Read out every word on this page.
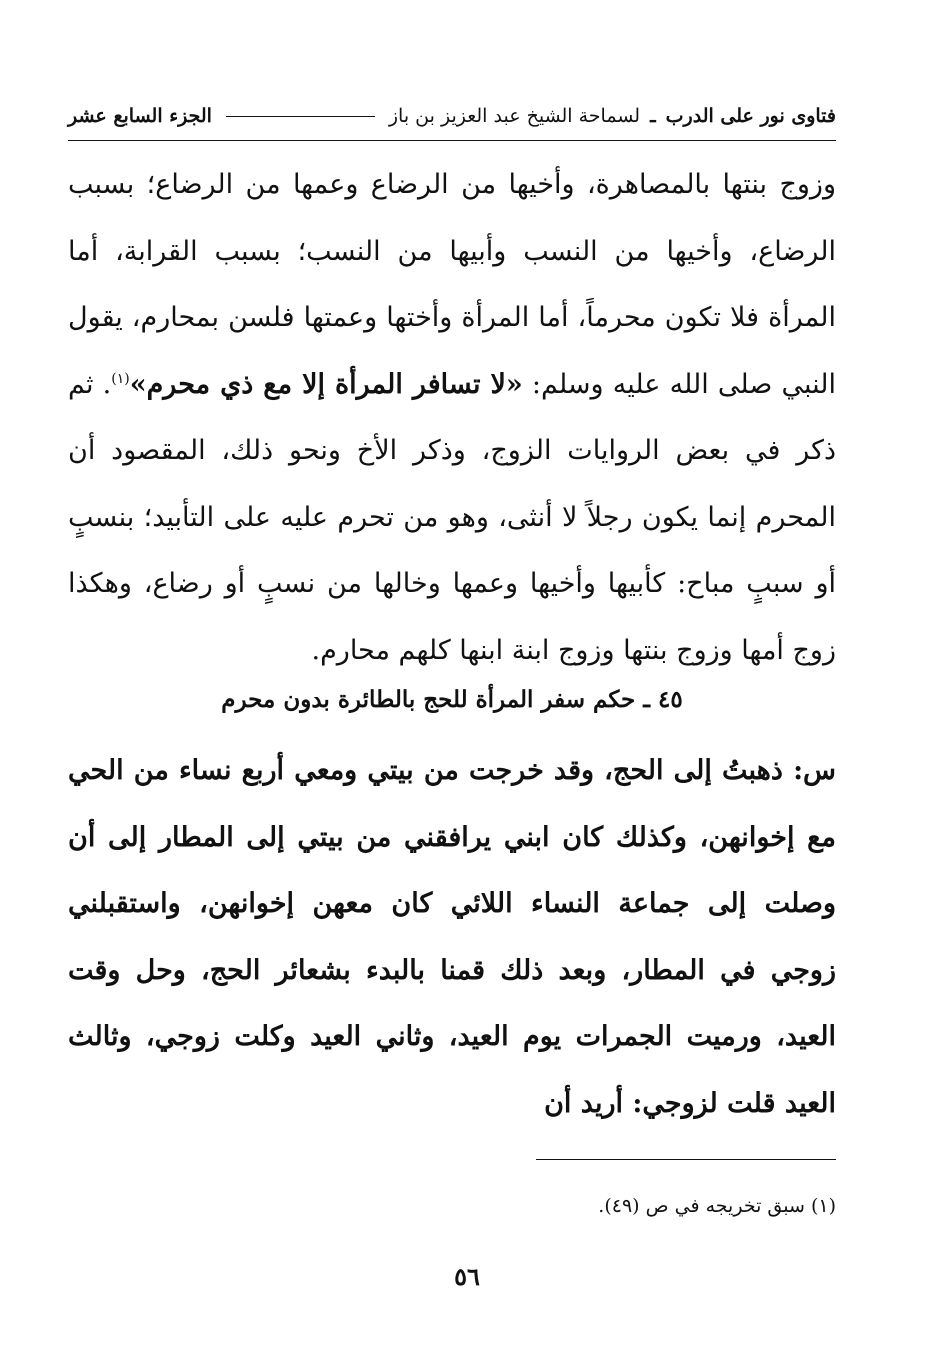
فتاوى نور على الدرب
ـ
لسماحة الشيخ عبد العزيز بن باز
الجزء السابع عشر
وزوج بنتها بالمصاهرة، وأخيها من الرضاع وعمها من الرضاع؛ بسبب الرضاع، وأخيها من النسب وأبيها من النسب؛ بسبب القرابة، أما المرأة فلا تكون محرماً، أما المرأة وأختها وعمتها فلسن بمحارم، يقول النبي صلى الله عليه وسلم: «لا تسافر المرأة إلا مع ذي محرم»$^{(١)}$. ثم ذكر في بعض الروايات الزوج، وذكر الأخ ونحو ذلك، المقصود أن المحرم إنما يكون رجلاً لا أنثى، وهو من تحرم عليه على التأبيد؛ بنسبٍ أو سببٍ مباح: كأبيها وأخيها وعمها وخالها من نسبٍ أو رضاع، وهكذا زوج أمها وزوج بنتها وزوج ابنة ابنها كلهم محارم.
٤٥ ـ حكم سفر المرأة للحج بالطائرة بدون محرم
س: ذهبتُ إلى الحج، وقد خرجت من بيتي ومعي أربع نساء من الحي مع إخوانهن، وكذلك كان ابني يرافقني من بيتي إلى المطار إلى أن وصلت إلى جماعة النساء اللائي كان معهن إخوانهن، واستقبلني زوجي في المطار، وبعد ذلك قمنا بالبدء بشعائر الحج، وحل وقت العيد، ورميت الجمرات يوم العيد، وثاني العيد وكلت زوجي، وثالث العيد قلت لزوجي: أريد أن
(١) سبق تخريجه في ص (٤٩).
٥٦
